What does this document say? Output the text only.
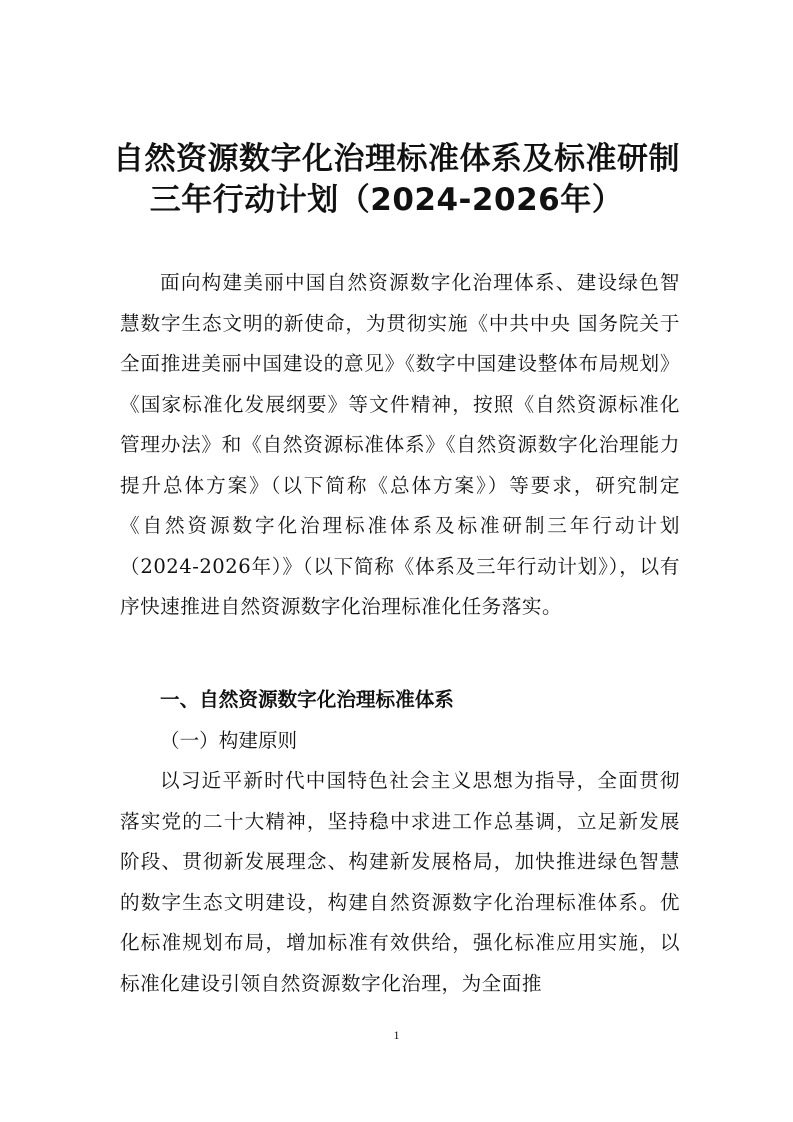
自然资源数字化治理标准体系及标准研制
三年行动计划（2024-2026年）
面向构建美丽中国自然资源数字化治理体系、建设绿色智慧数字生态文明的新使命，为贯彻实施《中共中央 国务院关于全面推进美丽中国建设的意见》《数字中国建设整体布局规划》《国家标准化发展纲要》等文件精神，按照《自然资源标准化管理办法》和《自然资源标准体系》《自然资源数字化治理能力提升总体方案》（以下简称《总体方案》）等要求，研究制定《自然资源数字化治理标准体系及标准研制三年行动计划（2024-2026年）》（以下简称《体系及三年行动计划》），以有序快速推进自然资源数字化治理标准化任务落实。
一、自然资源数字化治理标准体系
（一）构建原则
以习近平新时代中国特色社会主义思想为指导，全面贯彻落实党的二十大精神，坚持稳中求进工作总基调，立足新发展阶段、贯彻新发展理念、构建新发展格局，加快推进绿色智慧的数字生态文明建设，构建自然资源数字化治理标准体系。优化标准规划布局，增加标准有效供给，强化标准应用实施，以标准化建设引领自然资源数字化治理，为全面推
1
